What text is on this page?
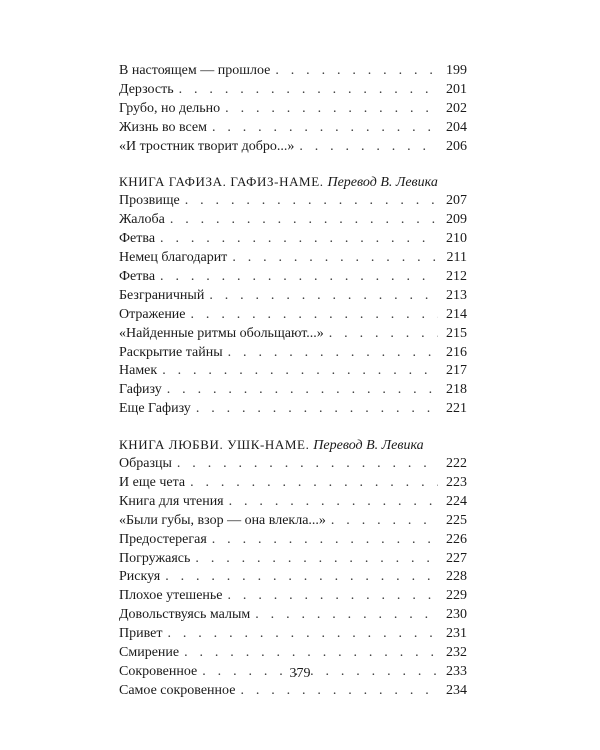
В настоящем — прошлое . . .	199
Дерзость . . .	201
Грубо, но дельно . . .	202
Жизнь во всем . . .	204
«И тростник творит добро...» . . .	206
КНИГА ГАФИЗА. ГАФИЗ-НАМЕ. Перевод В. Левика
Прозвище . . .	207
Жалоба . . .	209
Фетва . . .	210
Немец благодарит . . .	211
Фетва . . .	212
Безграничный . . .	213
Отражение . . .	214
«Найденные ритмы обольщают...» . . .	215
Раскрытие тайны . . .	216
Намек . . .	217
Гафизу . . .	218
Еще Гафизу . . .	221
КНИГА ЛЮБВИ. УШК-НАМЕ. Перевод В. Левика
Образцы . . .	222
И еще чета . . .	223
Книга для чтения . . .	224
«Были губы, взор — она влекла...» . . .	225
Предостерегая . . .	226
Погружаясь . . .	227
Рискуя . . .	228
Плохое утешенье . . .	229
Довольствуясь малым . . .	230
Привет . . .	231
Смирение . . .	232
Сокровенное . . .	233
Самое сокровенное . . .	234
379
